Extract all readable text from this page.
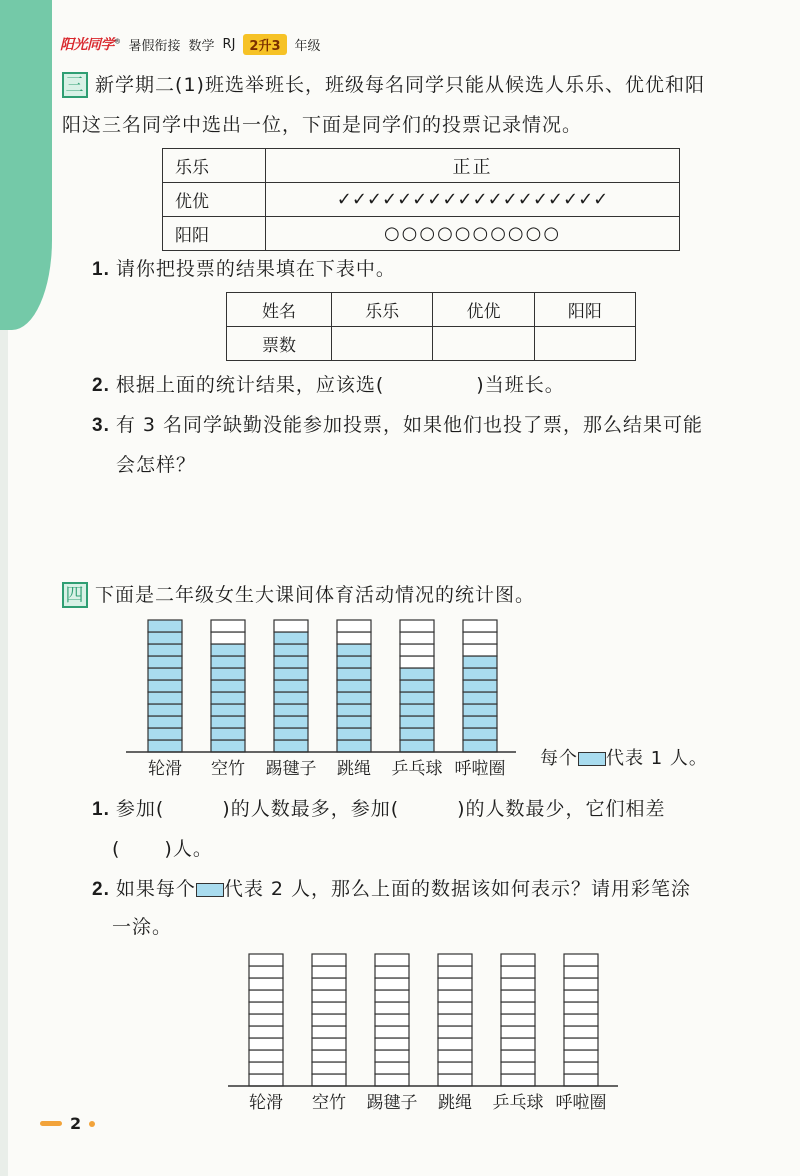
阳光同学® 暑假衔接 数学 RJ	2升3	年级
三 新学期二(1)班选举班长，班级每名同学只能从候选人乐乐、优优和阳
阳这三名同学中选出一位，下面是同学们的投票记录情况。
乐乐	正正
优优	✓✓✓✓✓✓✓✓✓✓✓✓✓✓✓✓✓✓
阳阳	○○○○○○○○○○
1. 请你把投票的结果填在下表中。
姓名	乐乐	优优	阳阳
票数			
2. 根据上面的统计结果，应该选(	)当班长。
3. 有 3 名同学缺勤没能参加投票，如果他们也投了票，那么结果可能
会怎样？
四 下面是二年级女生大课间体育活动情况的统计图。
轮滑 空竹 踢毽子 跳绳 乒乓球 呼啦圈
轮滑 空竹 踢毽子 跳绳 乒乓球 呼啦圈
每个 代表 1 人。
1. 参加(	)的人数最多，参加(	)的人数最少，它们相差
( )人。
2. 如果每个 代表 2 人，那么上面的数据该如何表示？请用彩笔涂
一涂。
2
